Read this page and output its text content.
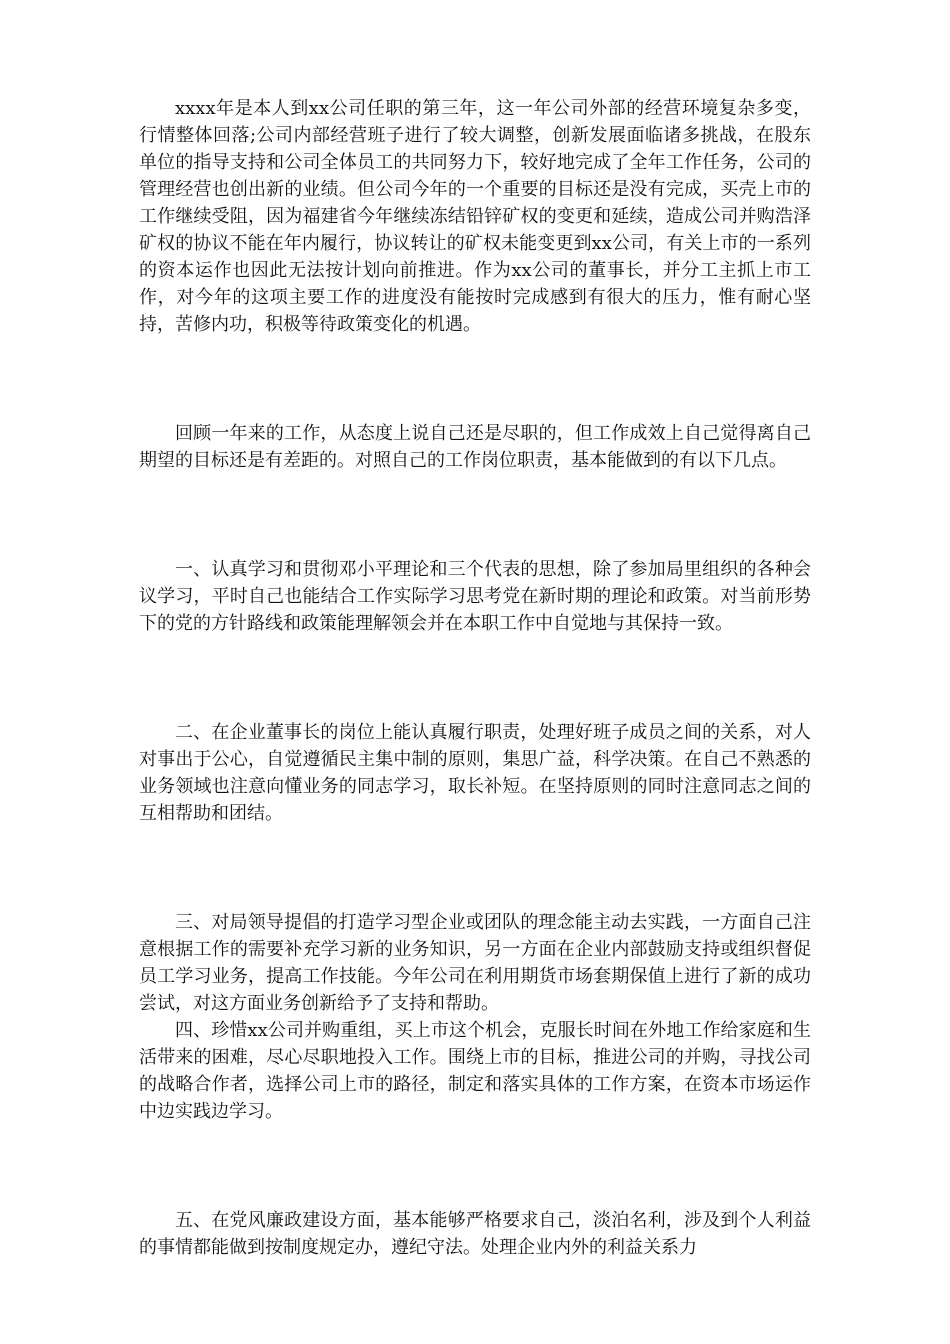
xxxx年是本人到xx公司任职的第三年，这一年公司外部的经营环境复杂多变，行情整体回落;公司内部经营班子进行了较大调整，创新发展面临诸多挑战，在股东单位的指导支持和公司全体员工的共同努力下，较好地完成了全年工作任务，公司的管理经营也创出新的业绩。但公司今年的一个重要的目标还是没有完成，买壳上市的工作继续受阻，因为福建省今年继续冻结铅锌矿权的变更和延续，造成公司并购浩泽矿权的协议不能在年内履行，协议转让的矿权未能变更到xx公司，有关上市的一系列的资本运作也因此无法按计划向前推进。作为xx公司的董事长，并分工主抓上市工作，对今年的这项主要工作的进度没有能按时完成感到有很大的压力，惟有耐心坚持，苦修内功，积极等待政策变化的机遇。

回顾一年来的工作，从态度上说自己还是尽职的，但工作成效上自己觉得离自己期望的目标还是有差距的。对照自己的工作岗位职责，基本能做到的有以下几点。

一、认真学习和贯彻邓小平理论和三个代表的思想，除了参加局里组织的各种会议学习，平时自己也能结合工作实际学习思考党在新时期的理论和政策。对当前形势下的党的方针路线和政策能理解领会并在本职工作中自觉地与其保持一致。

二、在企业董事长的岗位上能认真履行职责，处理好班子成员之间的关系，对人对事出于公心，自觉遵循民主集中制的原则，集思广益，科学决策。在自己不熟悉的业务领域也注意向懂业务的同志学习，取长补短。在坚持原则的同时注意同志之间的互相帮助和团结。

三、对局领导提倡的打造学习型企业或团队的理念能主动去实践，一方面自己注意根据工作的需要补充学习新的业务知识，另一方面在企业内部鼓励支持或组织督促员工学习业务，提高工作技能。今年公司在利用期货市场套期保值上进行了新的成功尝试，对这方面业务创新给予了支持和帮助。

四、珍惜xx公司并购重组，买上市这个机会，克服长时间在外地工作给家庭和生活带来的困难，尽心尽职地投入工作。围绕上市的目标，推进公司的并购，寻找公司的战略合作者，选择公司上市的路径，制定和落实具体的工作方案，在资本市场运作中边实践边学习。

五、在党风廉政建设方面，基本能够严格要求自己，淡泊名利，涉及到个人利益的事情都能做到按制度规定办，遵纪守法。处理企业内外的利益关系力
